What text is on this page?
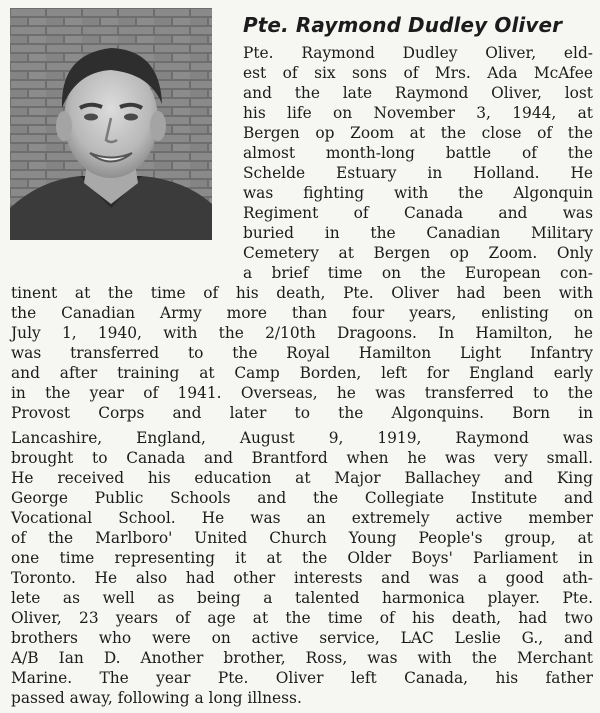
Pte. Raymond Dudley Oliver
Pte. Raymond Dudley Oliver, eld-
est of six sons of Mrs. Ada McAfee
and the late Raymond Oliver, lost
his life on November 3, 1944, at
Bergen op Zoom at the close of the
almost month-long battle of the
Schelde Estuary in Holland. He
was fighting with the Algonquin
Regiment of Canada and was
buried in the Canadian Military
Cemetery at Bergen op Zoom. Only
a brief time on the European con-
tinent at the time of his death, Pte. Oliver had been with
the Canadian Army more than four years, enlisting on
July 1, 1940, with the 2/10th Dragoons. In Hamilton, he
was transferred to the Royal Hamilton Light Infantry
and after training at Camp Borden, left for England early
in the year of 1941. Overseas, he was transferred to the
Provost Corps and later to the Algonquins. Born in
Lancashire, England, August 9, 1919, Raymond was
brought to Canada and Brantford when he was very small.
He received his education at Major Ballachey and King
George Public Schools and the Collegiate Institute and
Vocational School. He was an extremely active member
of the Marlboro' United Church Young People's group, at
one time representing it at the Older Boys' Parliament in
Toronto. He also had other interests and was a good ath-
lete as well as being a talented harmonica player. Pte.
Oliver, 23 years of age at the time of his death, had two
brothers who were on active service, LAC Leslie G., and
A/B Ian D. Another brother, Ross, was with the Merchant
Marine. The year Pte. Oliver left Canada, his father
passed away, following a long illness.
